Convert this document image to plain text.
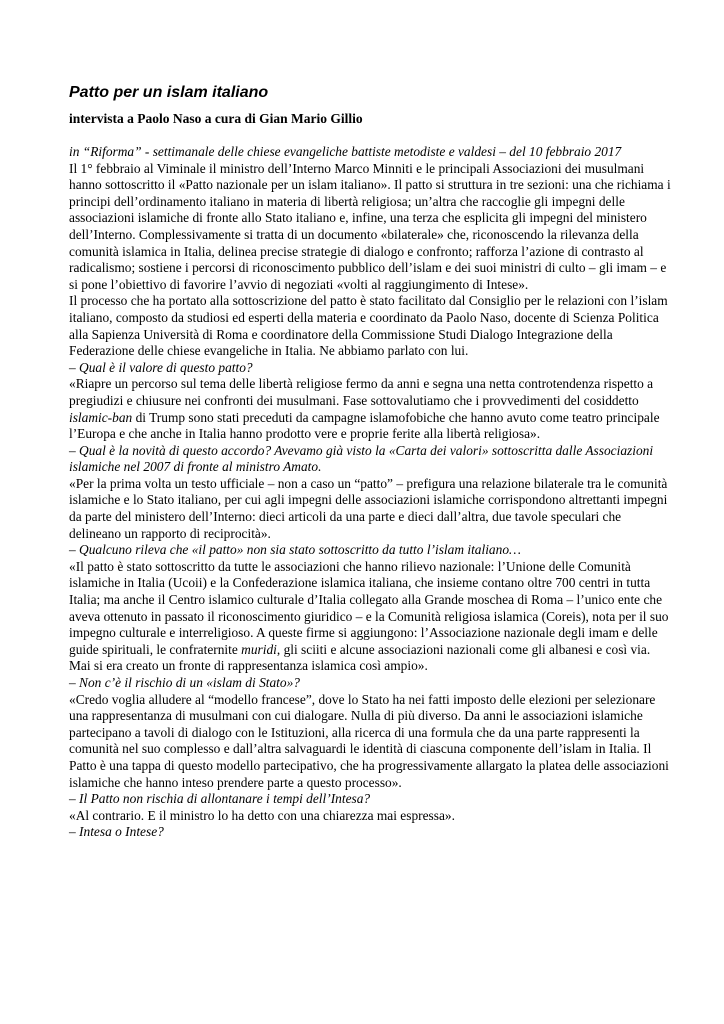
Patto per un islam italiano
intervista a Paolo Naso a cura di Gian Mario Gillio

in “Riforma” - settimanale delle chiese evangeliche battiste metodiste e valdesi – del 10 febbraio 2017

Il 1° febbraio al Viminale il ministro dell’Interno Marco Minniti e le principali Associazioni dei musulmani hanno sottoscritto il «Patto nazionale per un islam italiano». Il patto si struttura in tre sezioni: una che richiama i principi dell’ordinamento italiano in materia di libertà religiosa; un’altra che raccoglie gli impegni delle associazioni islamiche di fronte allo Stato italiano e, infine, una terza che esplicita gli impegni del ministero dell’Interno. Complessivamente si tratta di un documento «bilaterale» che, riconoscendo la rilevanza della comunità islamica in Italia, delinea precise strategie di dialogo e confronto; rafforza l’azione di contrasto al radicalismo; sostiene i percorsi di riconoscimento pubblico dell’islam e dei suoi ministri di culto – gli imam – e si pone l’obiettivo di favorire l’avvio di negoziati «volti al raggiungimento di Intese».

Il processo che ha portato alla sottoscrizione del patto è stato facilitato dal Consiglio per le relazioni con l’islam italiano, composto da studiosi ed esperti della materia e coordinato da Paolo Naso, docente di Scienza Politica alla Sapienza Università di Roma e coordinatore della Commissione Studi Dialogo Integrazione della Federazione delle chiese evangeliche in Italia. Ne abbiamo parlato con lui.

– Qual è il valore di questo patto?

«Riapre un percorso sul tema delle libertà religiose fermo da anni e segna una netta controtendenza rispetto a pregiudizi e chiusure nei confronti dei musulmani. Fase sottovalutiamo che i provvedimenti del cosiddetto islamic-ban di Trump sono stati preceduti da campagne islamofobiche che hanno avuto come teatro principale l’Europa e che anche in Italia hanno prodotto vere e proprie ferite alla libertà religiosa».

– Qual è la novità di questo accordo? Avevamo già visto la «Carta dei valori» sottoscritta dalle Associazioni islamiche nel 2007 di fronte al ministro Amato.

«Per la prima volta un testo ufficiale – non a caso un “patto” – prefigura una relazione bilaterale tra le comunità islamiche e lo Stato italiano, per cui agli impegni delle associazioni islamiche corrispondono altrettanti impegni da parte del ministero dell’Interno: dieci articoli da una parte e dieci dall’altra, due tavole speculari che delineano un rapporto di reciprocità».

– Qualcuno rileva che «il patto» non sia stato sottoscritto da tutto l’islam italiano…

«Il patto è stato sottoscritto da tutte le associazioni che hanno rilievo nazionale: l’Unione delle Comunità islamiche in Italia (Ucoii) e la Confederazione islamica italiana, che insieme contano oltre 700 centri in tutta Italia; ma anche il Centro islamico culturale d’Italia collegato alla Grande moschea di Roma – l’unico ente che aveva ottenuto in passato il riconoscimento giuridico – e la Comunità religiosa islamica (Coreis), nota per il suo impegno culturale e interreligioso. A queste firme si aggiungono: l’Associazione nazionale degli imam e delle guide spirituali, le confraternite muridi, gli sciiti e alcune associazioni nazionali come gli albanesi e così via. Mai si era creato un fronte di rappresentanza islamica così ampio».

– Non c’è il rischio di un «islam di Stato»?

«Credo voglia alludere al “modello francese”, dove lo Stato ha nei fatti imposto delle elezioni per selezionare una rappresentanza di musulmani con cui dialogare. Nulla di più diverso. Da anni le associazioni islamiche partecipano a tavoli di dialogo con le Istituzioni, alla ricerca di una formula che da una parte rappresenti la comunità nel suo complesso e dall’altra salvaguardi le identità di ciascuna componente dell’islam in Italia. Il Patto è una tappa di questo modello partecipativo, che ha progressivamente allargato la platea delle associazioni islamiche che hanno inteso prendere parte a questo processo».

– Il Patto non rischia di allontanare i tempi dell’Intesa?

«Al contrario. E il ministro lo ha detto con una chiarezza mai espressa».

– Intesa o Intese?
